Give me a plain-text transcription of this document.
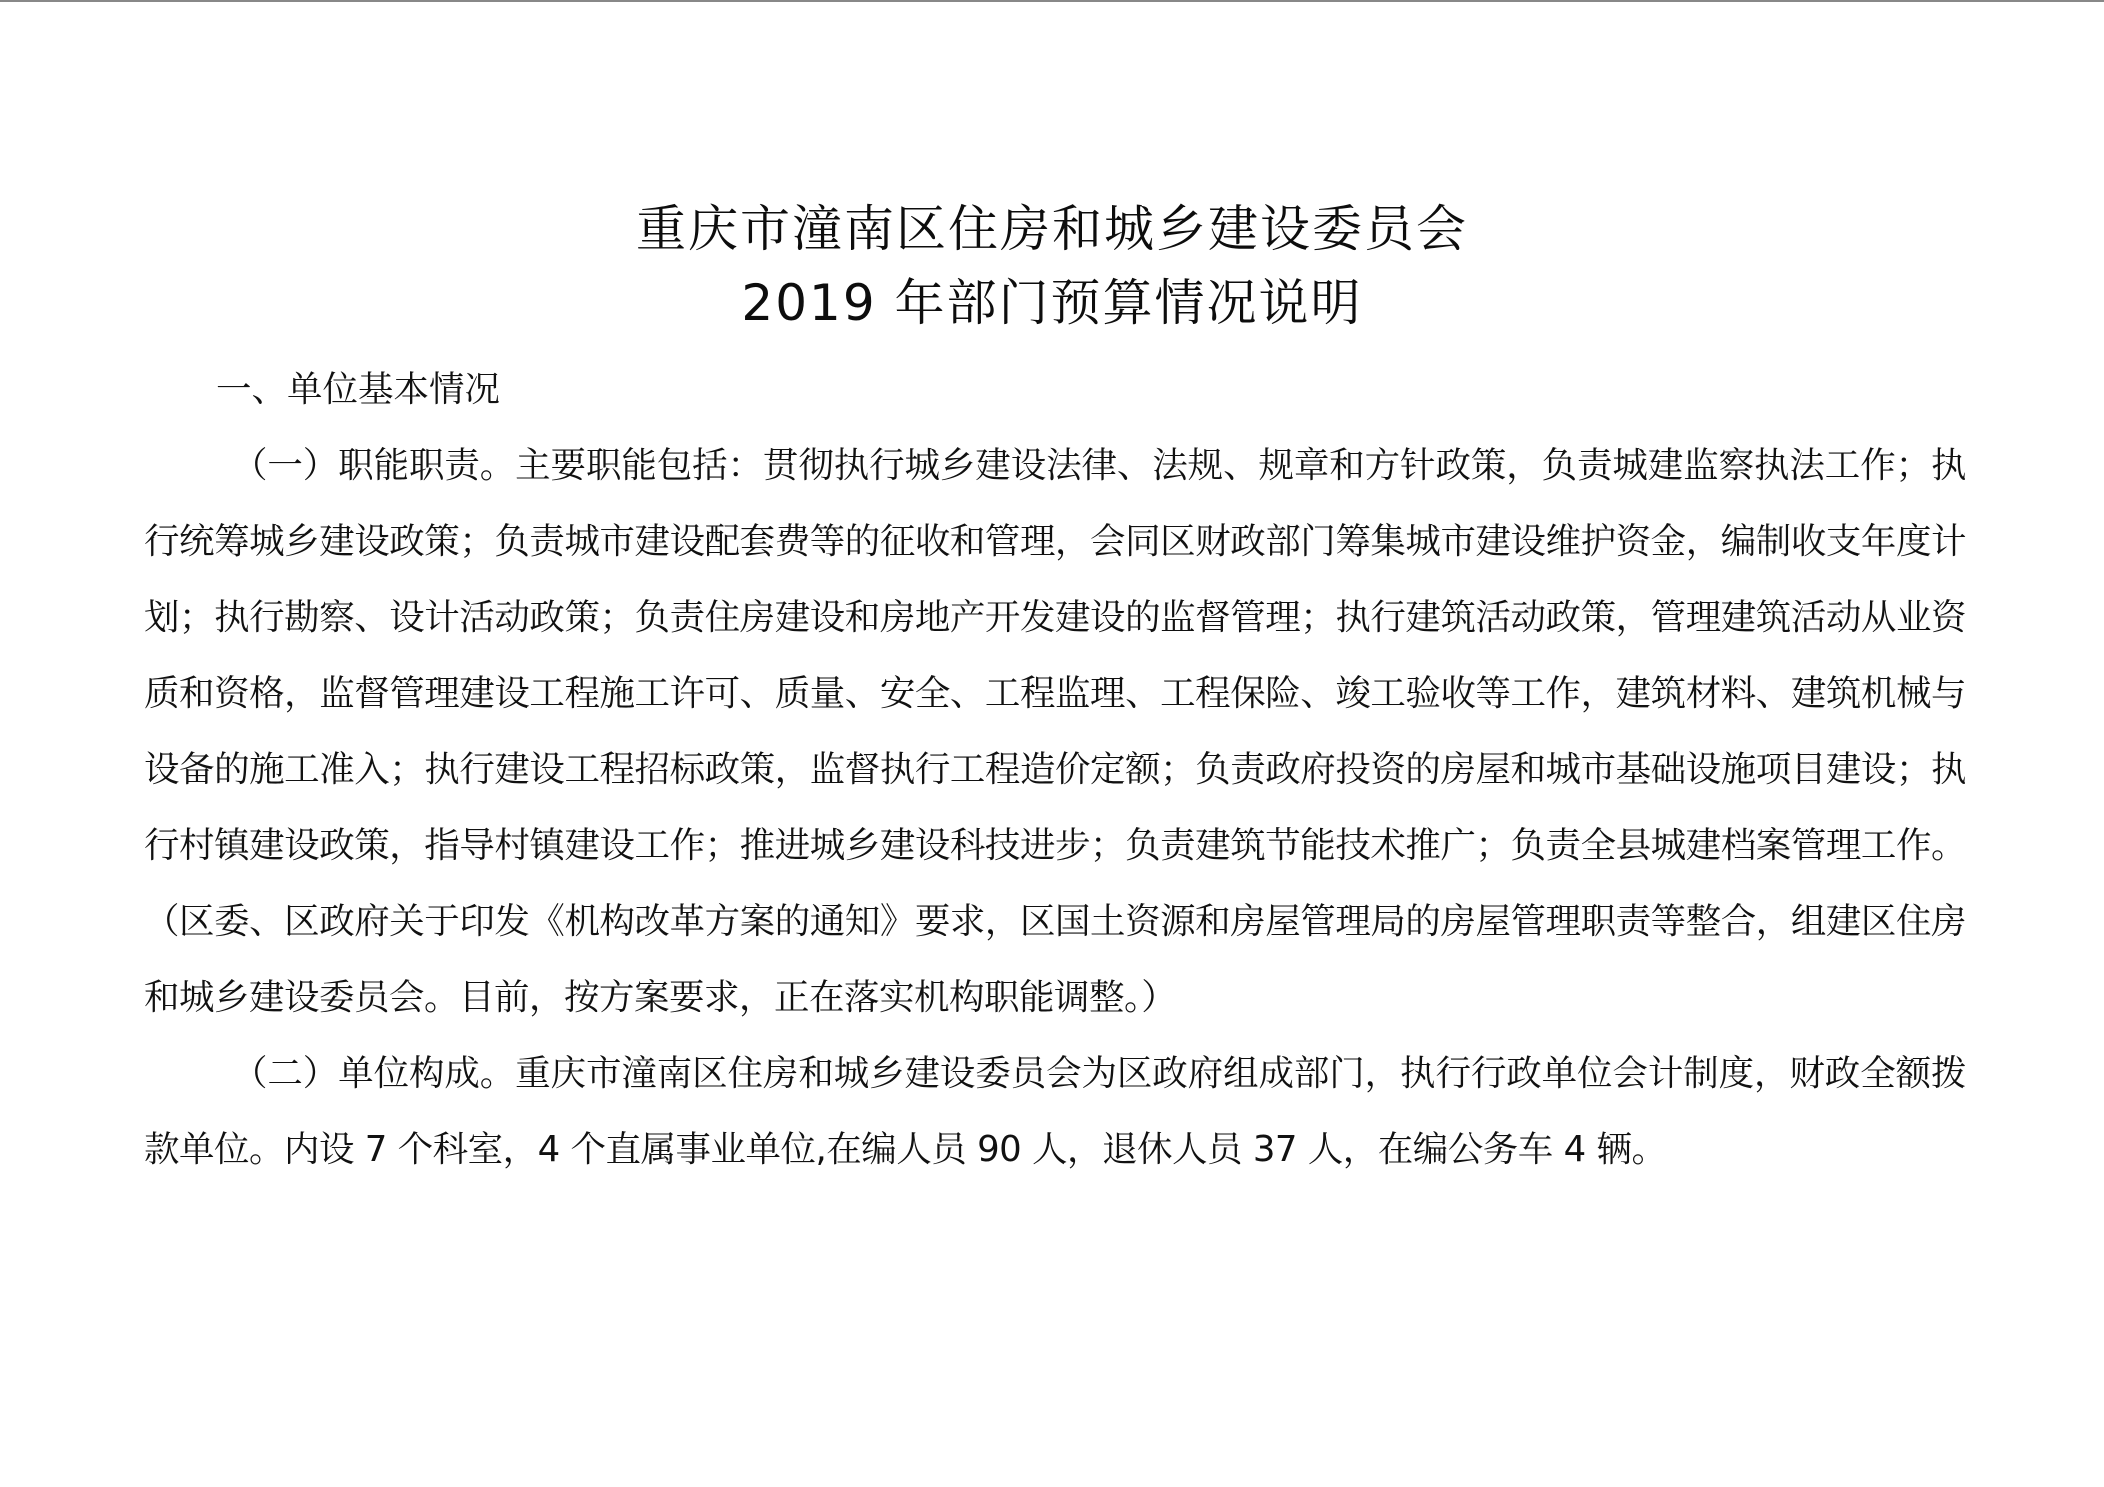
重庆市潼南区住房和城乡建设委员会
2019 年部门预算情况说明

一、单位基本情况

（一）职能职责。主要职能包括：贯彻执行城乡建设法律、法规、规章和方针政策，负责城建监察执法工作；执行统筹城乡建设政策；负责城市建设配套费等的征收和管理，会同区财政部门筹集城市建设维护资金，编制收支年度计划；执行勘察、设计活动政策；负责住房建设和房地产开发建设的监督管理；执行建筑活动政策，管理建筑活动从业资质和资格，监督管理建设工程施工许可、质量、安全、工程监理、工程保险、竣工验收等工作，建筑材料、建筑机械与设备的施工准入；执行建设工程招标政策，监督执行工程造价定额；负责政府投资的房屋和城市基础设施项目建设；执行村镇建设政策，指导村镇建设工作；推进城乡建设科技进步；负责建筑节能技术推广；负责全县城建档案管理工作。（区委、区政府关于印发《机构改革方案的通知》要求，区国土资源和房屋管理局的房屋管理职责等整合，组建区住房和城乡建设委员会。目前，按方案要求，正在落实机构职能调整。）

（二）单位构成。重庆市潼南区住房和城乡建设委员会为区政府组成部门，执行行政单位会计制度，财政全额拨款单位。内设 7 个科室，4 个直属事业单位,在编人员 90 人，退休人员 37 人，在编公务车 4 辆。
